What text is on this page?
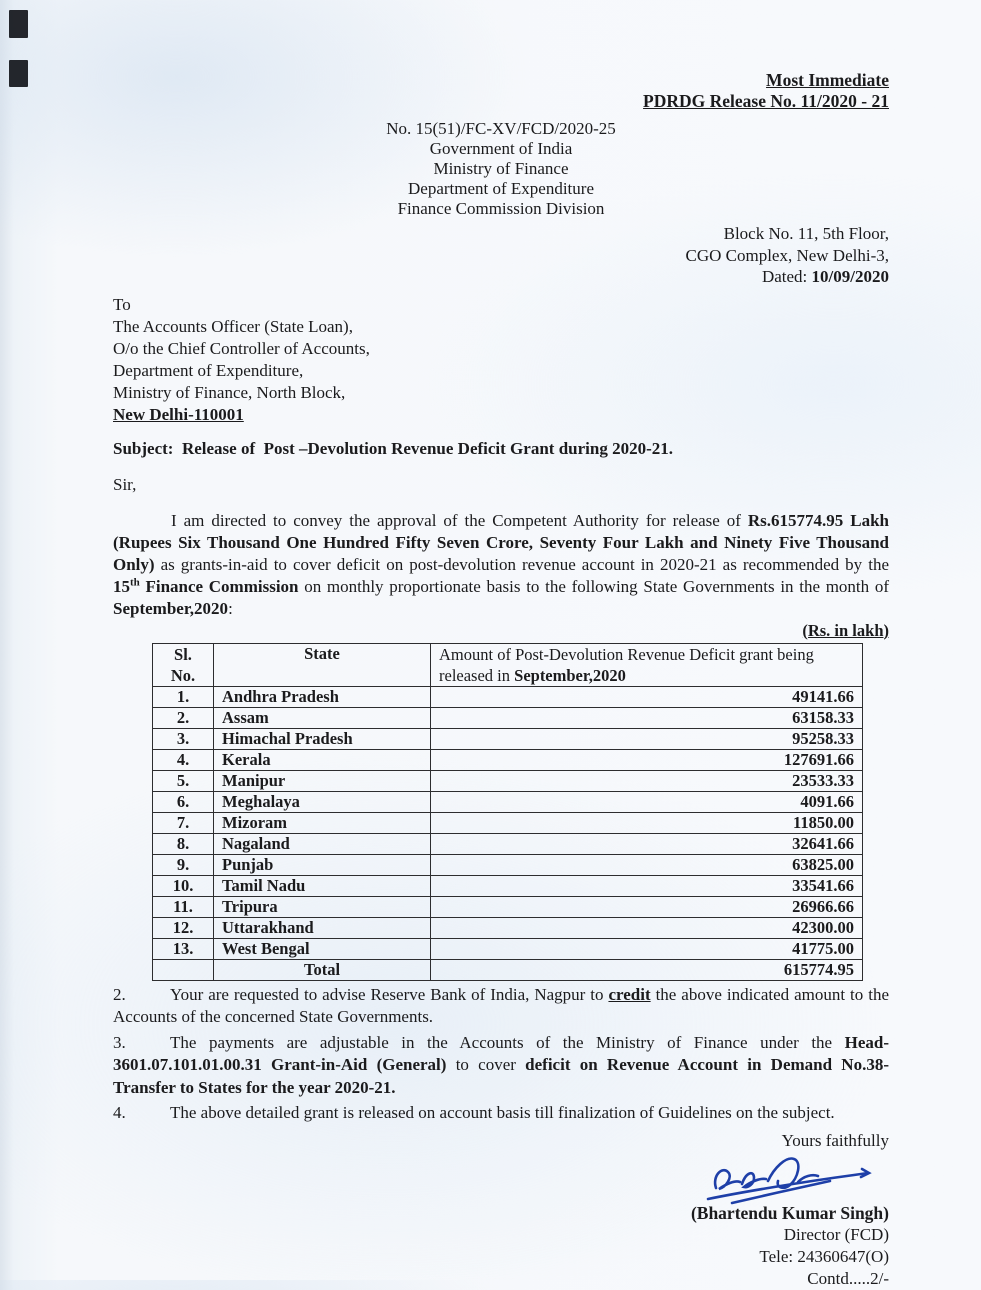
Most Immediate
PDRDG Release No. 11/2020 - 21
No. 15(51)/FC-XV/FCD/2020-25
Government of India
Ministry of Finance
Department of Expenditure
Finance Commission Division
Block No. 11, 5th Floor,
CGO Complex, New Delhi-3,
Dated: 10/09/2020
To
The Accounts Officer (State Loan),
O/o the Chief Controller of Accounts,
Department of Expenditure,
Ministry of Finance, North Block,
New Delhi-110001
Subject:  Release of  Post –Devolution Revenue Deficit Grant during 2020-21.
Sir,
I am directed to convey the approval of the Competent Authority for release of Rs.615774.95 Lakh (Rupees Six Thousand One Hundred Fifty Seven Crore, Seventy Four Lakh and Ninety Five Thousand Only) as grants-in-aid to cover deficit on post-devolution revenue account in 2020-21 as recommended by the 15th Finance Commission on monthly proportionate basis to the following State Governments in the month of September,2020:
(Rs. in lakh)
Sl.
No.	State	Amount of Post-Devolution Revenue Deficit grant being released in September,2020
1.	Andhra Pradesh	49141.66
2.	Assam	63158.33
3.	Himachal Pradesh	95258.33
4.	Kerala	127691.66
5.	Manipur	23533.33
6.	Meghalaya	4091.66
7.	Mizoram	11850.00
8.	Nagaland	32641.66
9.	Punjab	63825.00
10.	Tamil Nadu	33541.66
11.	Tripura	26966.66
12.	Uttarakhand	42300.00
13.	West Bengal	41775.00
	Total	615774.95
2.	Your are requested to advise Reserve Bank of India, Nagpur to credit the above indicated amount to the Accounts of the concerned State Governments.
3.	The payments are adjustable in the Accounts of the Ministry of Finance under the Head-3601.07.101.01.00.31 Grant-in-Aid (General) to cover deficit on Revenue Account in Demand No.38-Transfer to States for the year 2020-21.
4.	The above detailed grant is released on account basis till finalization of Guidelines on the subject.
Yours faithfully
(Bhartendu Kumar Singh)
Director (FCD)
Tele: 24360647(O)
Contd.....2/-
